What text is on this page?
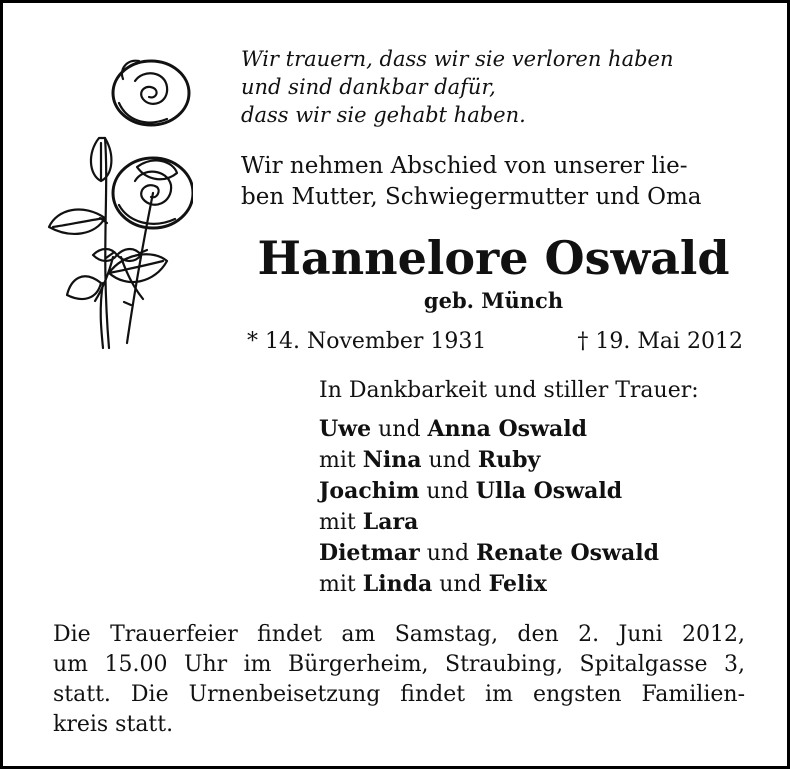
Wir trauern, dass wir sie verloren haben
und sind dankbar dafür,
dass wir sie gehabt haben.
Wir nehmen Abschied von unserer lie-
ben Mutter, Schwiegermutter und Oma
Hannelore Oswald
geb. Münch
* 14. November 1931	† 19. Mai 2012
In Dankbarkeit und stiller Trauer:
Uwe und Anna Oswald
mit Nina und Ruby
Joachim und Ulla Oswald
mit Lara
Dietmar und Renate Oswald
mit Linda und Felix
Die Trauerfeier findet am Samstag, den 2. Juni 2012,
um 15.00 Uhr im Bürgerheim, Straubing, Spitalgasse 3,
statt. Die Urnenbeisetzung findet im engsten Familien-
kreis statt.
